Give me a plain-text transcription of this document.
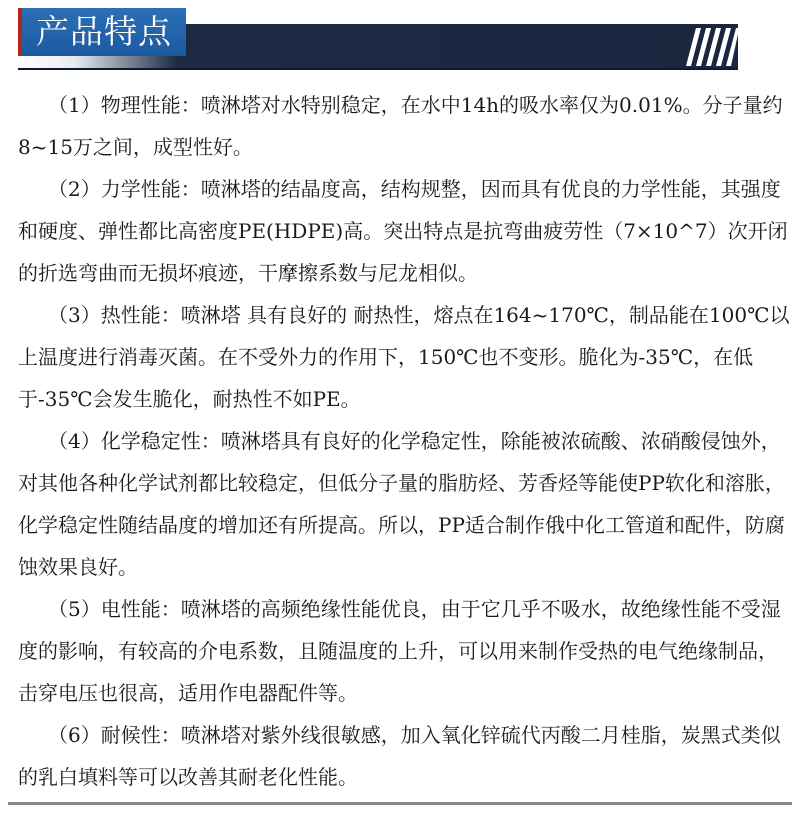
产品特点

（1）物理性能：喷淋塔对水特别稳定，在水中14h的吸水率仅为0.01%。分子量约8~15万之间，成型性好。

（2）力学性能：喷淋塔的结晶度高，结构规整，因而具有优良的力学性能，其强度和硬度、弹性都比高密度PE(HDPE)高。突出特点是抗弯曲疲劳性（7×10^7）次开闭的折选弯曲而无损坏痕迹，干摩擦系数与尼龙相似。

（3）热性能：喷淋塔 具有良好的 耐热性，熔点在164~170℃，制品能在100℃以上温度进行消毒灭菌。在不受外力的作用下，150℃也不变形。脆化为-35℃，在低于-35℃会发生脆化，耐热性不如PE。

（4）化学稳定性：喷淋塔具有良好的化学稳定性，除能被浓硫酸、浓硝酸侵蚀外，对其他各种化学试剂都比较稳定，但低分子量的脂肪烃、芳香烃等能使PP软化和溶胀，化学稳定性随结晶度的增加还有所提高。所以，PP适合制作俄中化工管道和配件，防腐蚀效果良好。

（5）电性能：喷淋塔的高频绝缘性能优良，由于它几乎不吸水，故绝缘性能不受湿度的影响，有较高的介电系数，且随温度的上升，可以用来制作受热的电气绝缘制品，击穿电压也很高，适用作电器配件等。

（6）耐候性：喷淋塔对紫外线很敏感，加入氧化锌硫代丙酸二月桂脂，炭黑式类似的乳白填料等可以改善其耐老化性能。
